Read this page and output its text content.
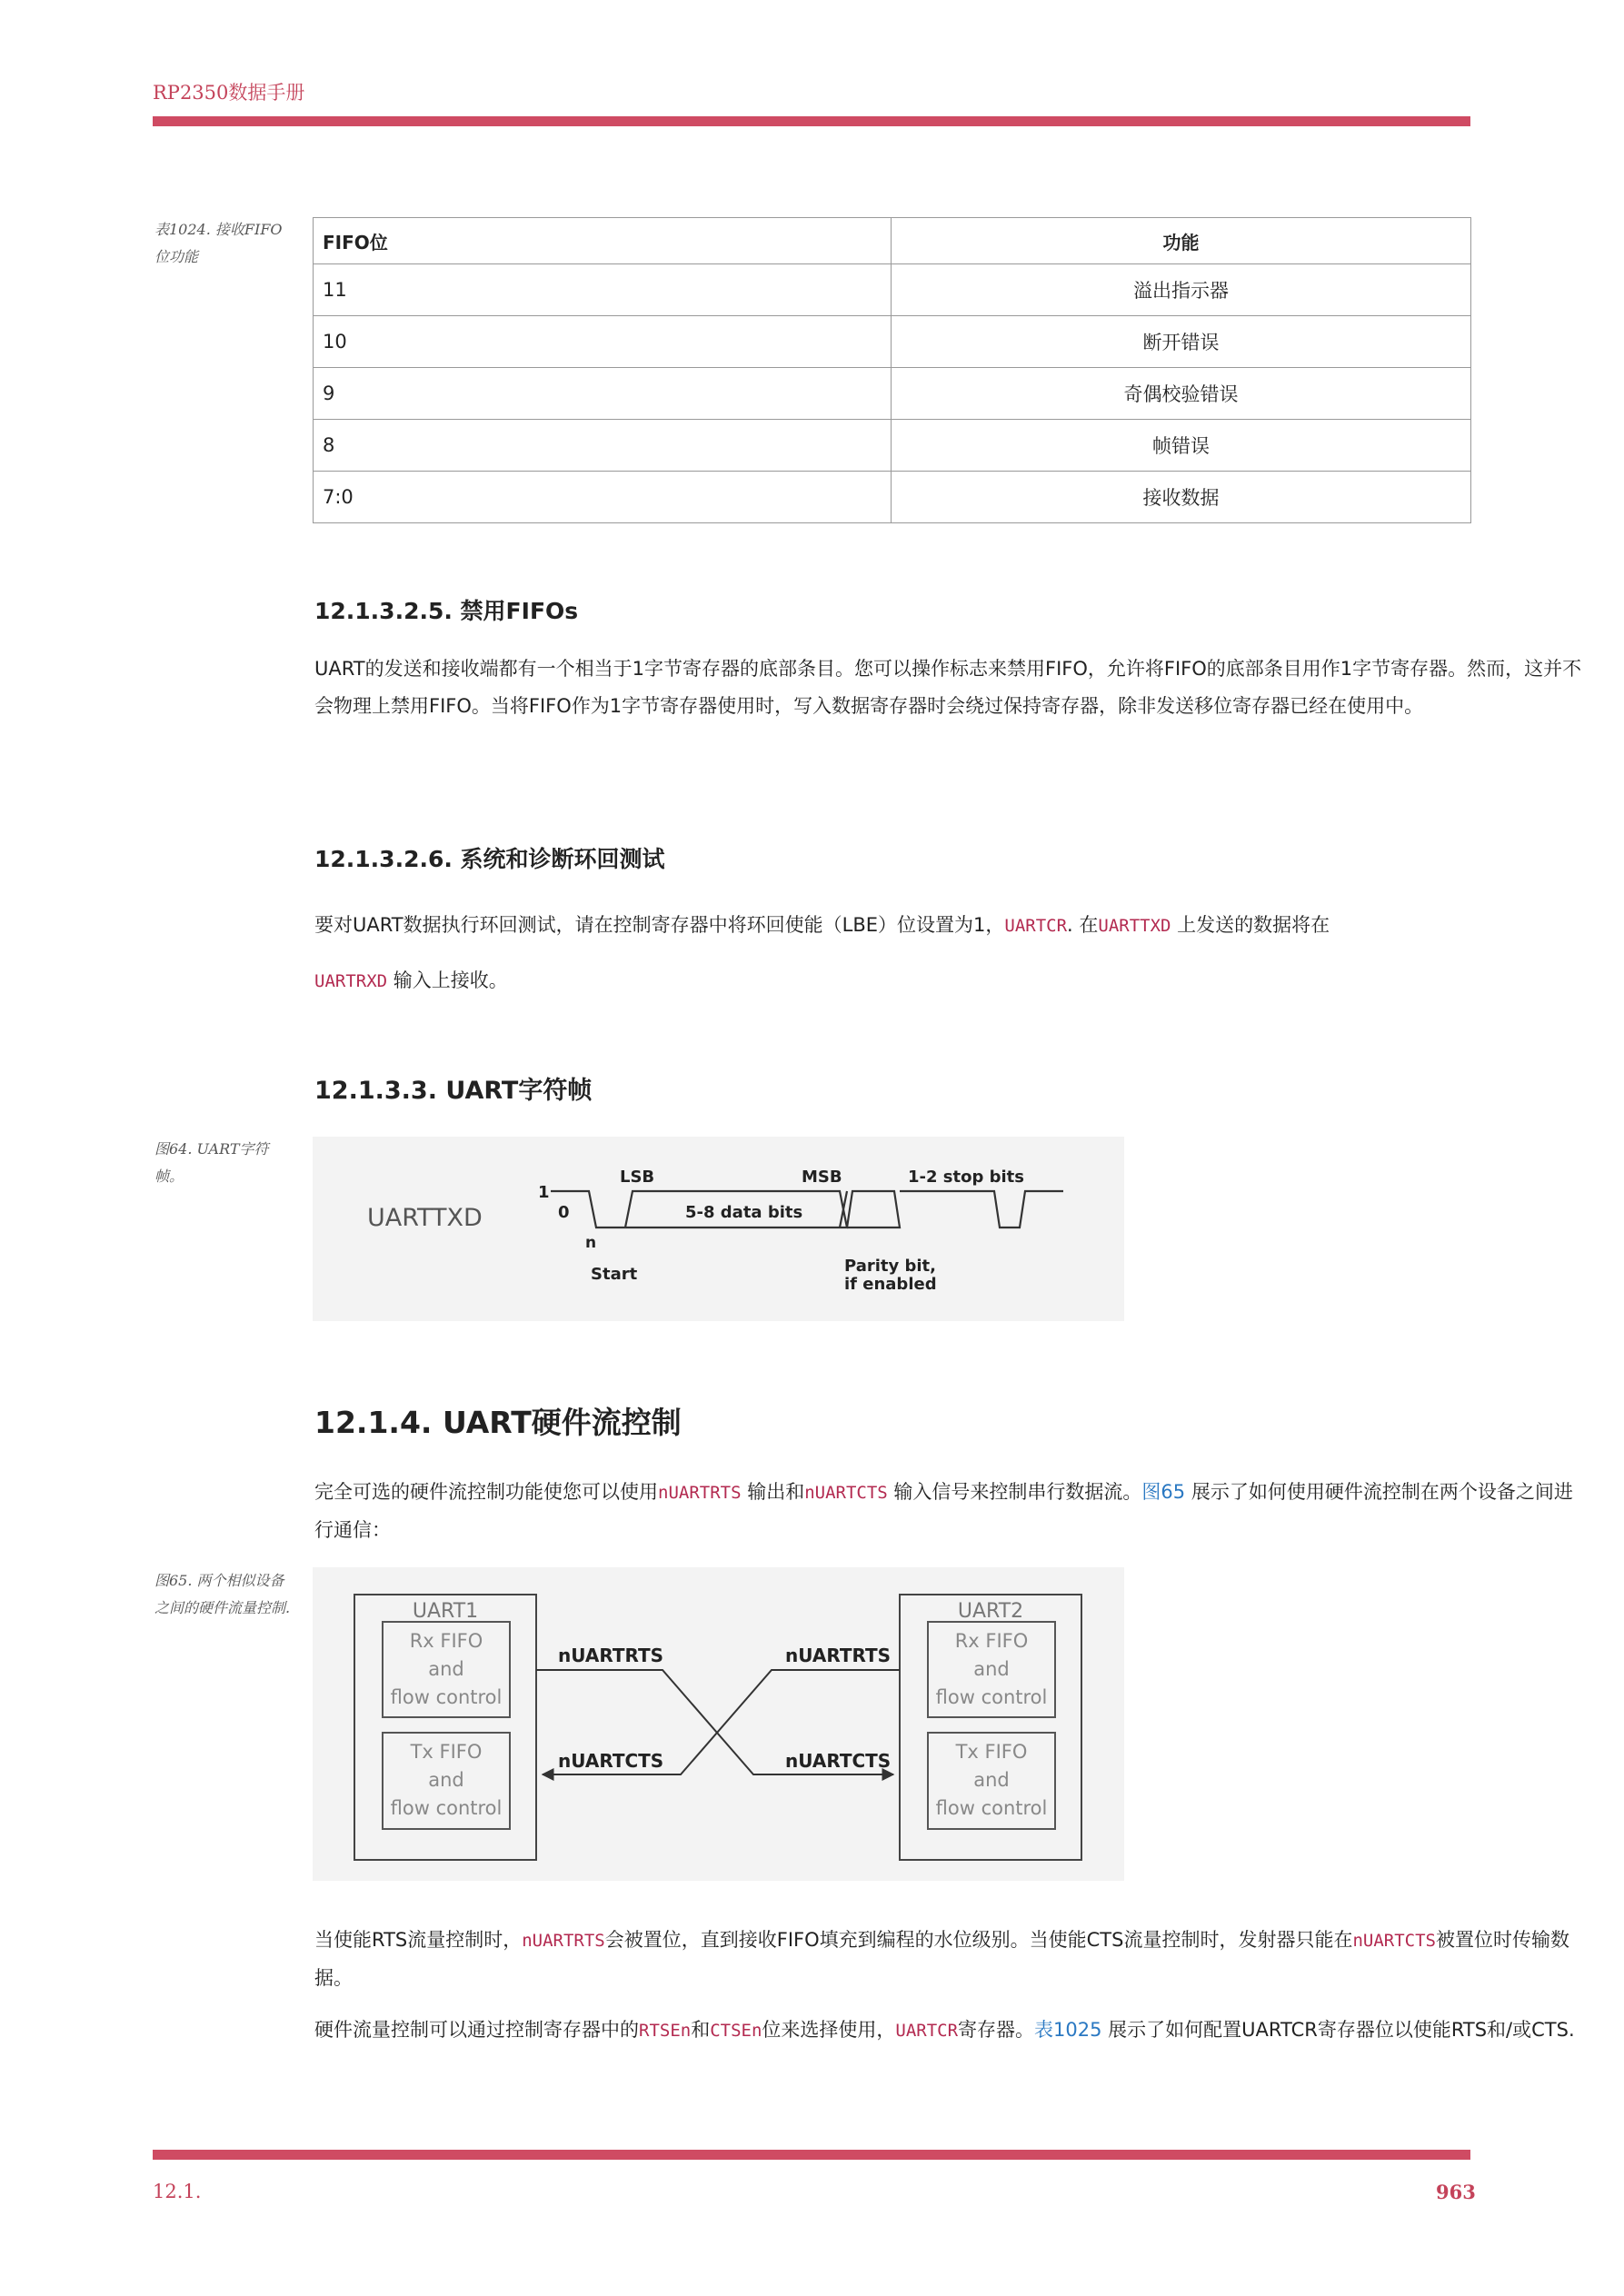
RP2350数据手册
表1024. 接收FIFO位功能
FIFO位	功能
11	溢出指示器
10	断开错误
9	奇偶校验错误
8	帧错误
7:0	接收数据
12.1.3.2.5. 禁用FIFOs
UART的发送和接收端都有一个相当于1字节寄存器的底部条目。您可以操作标志来禁用FIFO，允许将FIFO的底部条目用作1字节寄存器。然而，这并不会物理上禁用FIFO。当将FIFO作为1字节寄存器使用时，写入数据寄存器时会绕过保持寄存器，除非发送移位寄存器已经在使用中。
12.1.3.2.6. 系统和诊断环回测试
要对UART数据执行环回测试，请在控制寄存器中将环回使能（LBE）位设置为1，UARTCR. 在UARTTXD 上发送的数据将在
UARTRXD 输入上接收。
12.1.3.3. UART字符帧
图64. UART字符帧。
UARTTXD
1
0
n
Start
LSB	MSB
5-8 data bits
1-2 stop bits
Parity bit,
if enabled
12.1.4. UART硬件流控制
完全可选的硬件流控制功能使您可以使用nUARTRTS 输出和nUARTCTS 输入信号来控制串行数据流。图65 展示了如何使用硬件流控制在两个设备之间进行通信：
图65. 两个相似设备之间的硬件流量控制.	UART1
Rx FIFO
and
flow control
Tx FIFO
and
flow control
UART2
Rx FIFO
and
flow control
Tx FIFO
and
flow control
nUARTRTS	nUARTRTS
nUARTCTS	nUARTCTS
当使能RTS流量控制时，nUARTRTS会被置位，直到接收FIFO填充到编程的水位级别。当使能CTS流量控制时，发射器只能在nUARTCTS被置位时传输数据。
硬件流量控制可以通过控制寄存器中的RTSEn和CTSEn位来选择使用，UARTCR寄存器。表1025 展示了如何配置UARTCR寄存器位以使能RTS和/或CTS.
12.1.	963
